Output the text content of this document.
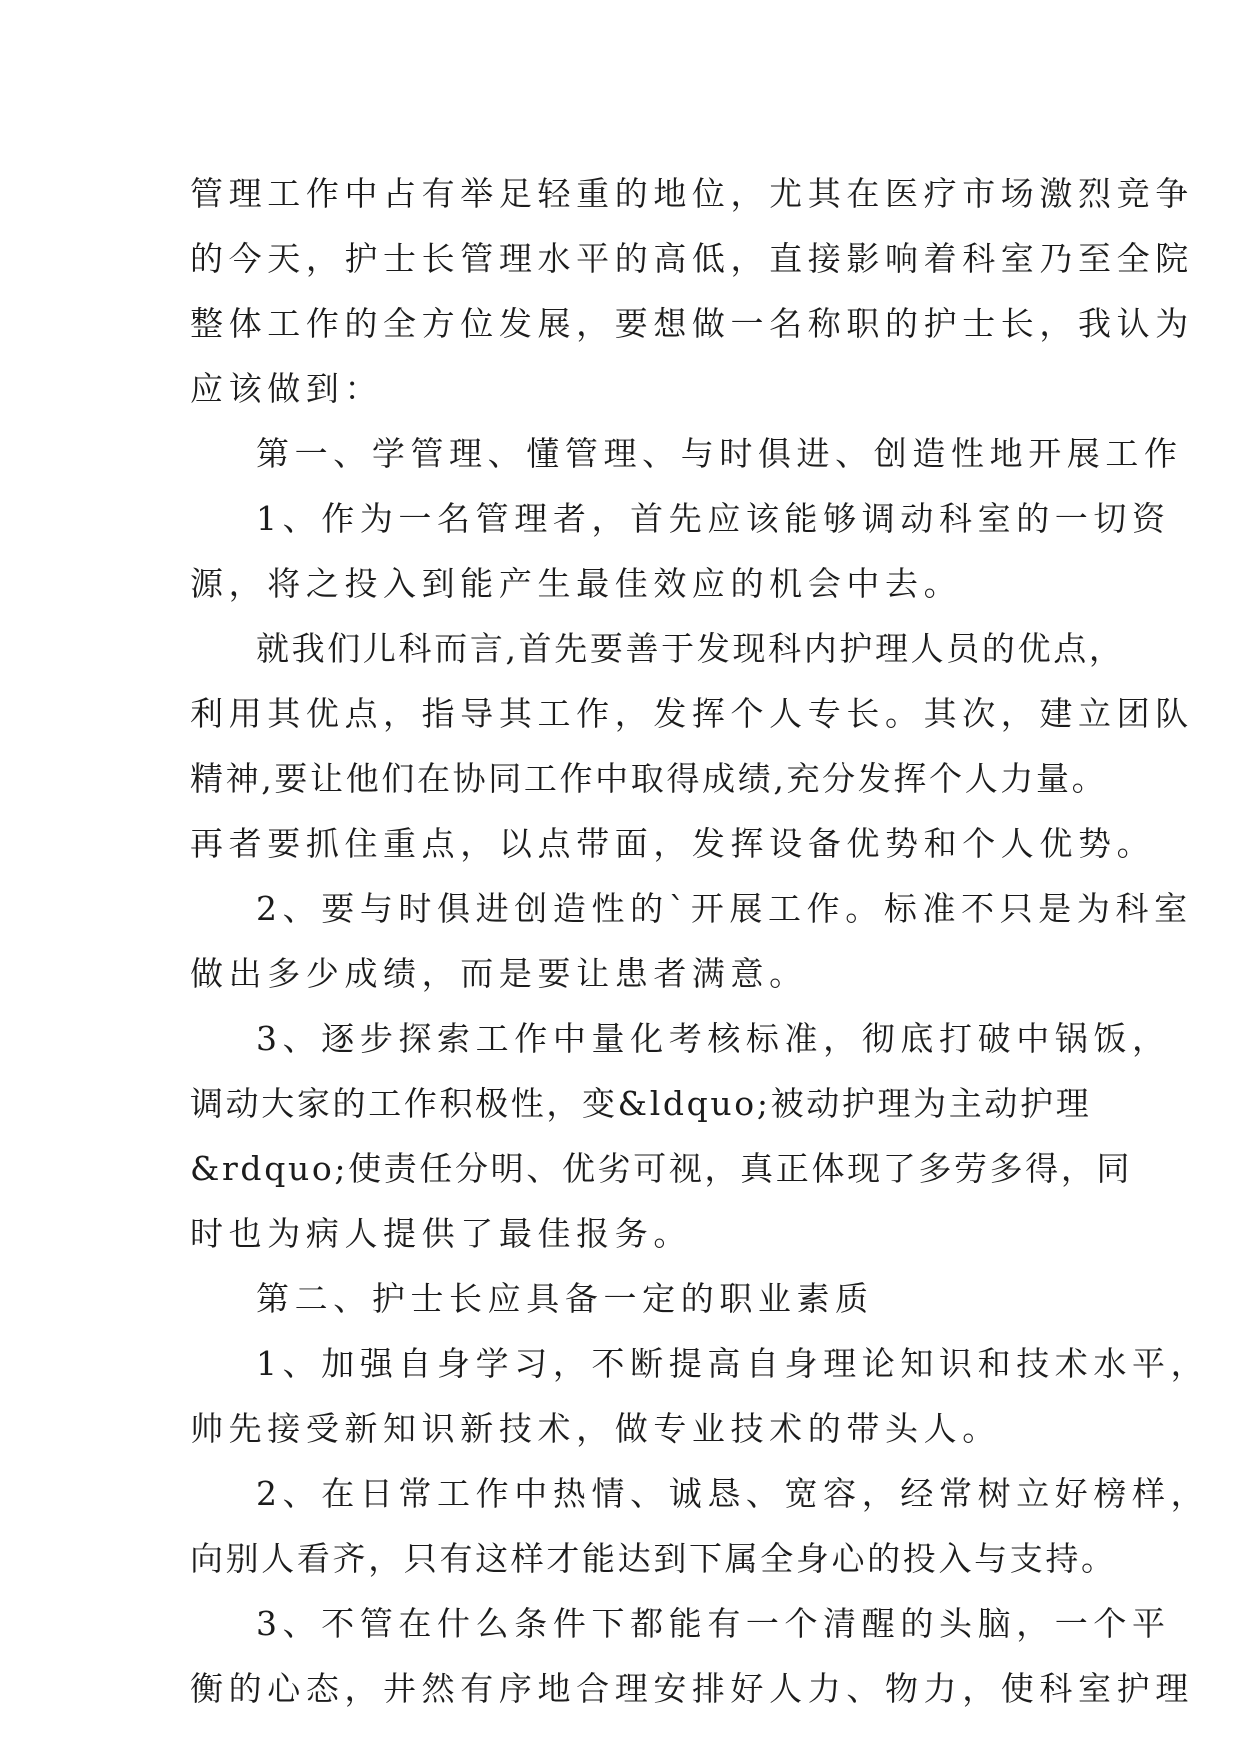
管理工作中占有举足轻重的地位，尤其在医疗市场激烈竞争
的今天，护士长管理水平的高低，直接影响着科室乃至全院
整体工作的全方位发展，要想做一名称职的护士长，我认为
应该做到：
第一、学管理、懂管理、与时俱进、创造性地开展工作
1、作为一名管理者，首先应该能够调动科室的一切资
源，将之投入到能产生最佳效应的机会中去。
就我们儿科而言,首先要善于发现科内护理人员的优点，
利用其优点，指导其工作，发挥个人专长。其次，建立团队
精神,要让他们在协同工作中取得成绩,充分发挥个人力量。
再者要抓住重点，以点带面，发挥设备优势和个人优势。
2、要与时俱进创造性的`开展工作。标准不只是为科室
做出多少成绩，而是要让患者满意。
3、逐步探索工作中量化考核标准，彻底打破中锅饭，
调动大家的工作积极性，变&ldquo;被动护理为主动护理
&rdquo;使责任分明、优劣可视，真正体现了多劳多得，同
时也为病人提供了最佳报务。
第二、护士长应具备一定的职业素质
1、加强自身学习，不断提高自身理论知识和技术水平，
帅先接受新知识新技术，做专业技术的带头人。
2、在日常工作中热情、诚恳、宽容，经常树立好榜样，
向别人看齐，只有这样才能达到下属全身心的投入与支持。
3、不管在什么条件下都能有一个清醒的头脑，一个平
衡的心态，井然有序地合理安排好人力、物力，使科室护理
